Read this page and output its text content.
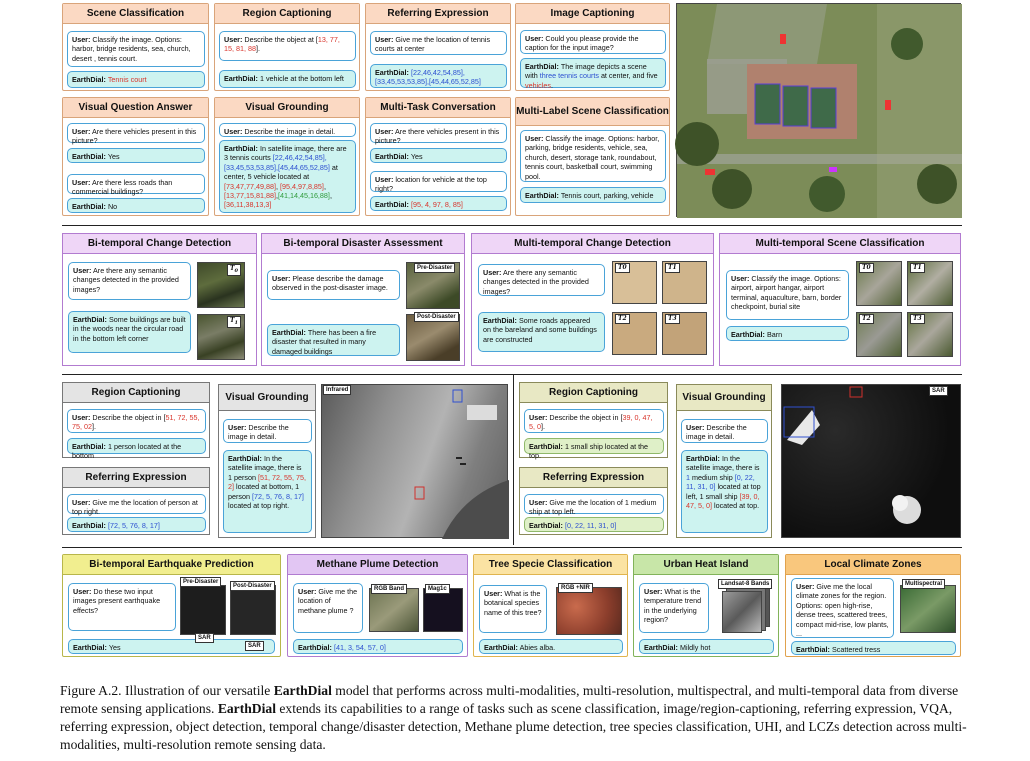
Scene Classification
User: Classify the image. Options: harbor, bridge residents, sea, church, desert , tennis court.
EarthDial: Tennis court
Region Captioning
User: Describe the object at [13, 77, 15, 81, 88].
EarthDial: 1 vehicle at the bottom left
Referring Expression
User: Give me the location of tennis courts at center
EarthDial: [22,46,42,54,85], [33,45,53,53,85],[45,44,65,52,85]
Image Captioning
User: Could you please provide the caption for the input image?
EarthDial: The image depicts a scene with three tennis courts at center, and five vehicles.
Visual Question Answer
User: Are there vehicles present in this picture?
EarthDial: Yes
User: Are there less roads than commercial buildings?
EarthDial: No
Visual Grounding
User: Describe the image in detail.
EarthDial: In satellite image, there are 3 tennis courts [22,46,42,54,85],[33,45,53,53,85],[45,44,65,52,85] at center, 5 vehicle located at [73,47,77,49,88], [95,4,97,8,85],[13,77,15,81,88],[41,14,45,16,88],[36,11,38,13,3]
Multi-Task Conversation
User: Are there vehicles present in this picture?
EarthDial: Yes
User: location for vehicle at the top right?
EarthDial: [95, 4, 97, 8, 85]
Multi-Label Scene Classification
User: Classify the image. Options: harbor, parking, bridge residents, vehicle, sea, church, desert, storage tank, roundabout, tennis court, basketball court, swimming pool.
EarthDial: Tennis court, parking, vehicle
Bi-temporal Change Detection
User: Are there any semantic changes detected in the provided images?
EarthDial: Some buildings are built in the woods near the circular road in the bottom left corner
$T_0$
$T_1$
Bi-temporal Disaster Assessment
User: Please describe the damage observed in the post-disaster image.
EarthDial: There has been a fire disaster that resulted in many damaged buildings
Pre-Disaster
Post-Disaster
Multi-temporal Change Detection
User: Are there any semantic changes detected in the provided images?
EarthDial: Some roads appeared on the bareland and some buildings are constructed
T0	T1
T2	T3
Multi-temporal Scene Classification
User: Classify the image. Options: airport, airport hangar, airport terminal, aquaculture, barn, border checkpoint, burial site
EarthDial: Barn
T0	T1
T2	T3
Region Captioning
User: Describe the object in [51, 72, 55, 75, 02].
EarthDial: 1 person located at the bottom
Referring Expression
User: Give me the location of person at top right.
EarthDial: [72, 5, 76, 8, 17]
Visual Grounding
User: Describe the image in detail.
EarthDial: In the satellite image, there is 1 person [51, 72, 55, 75, 2] located at bottom, 1 person [72, 5, 76, 8, 17] located at top right.
Infrared	Region Captioning
User: Describe the object in [39, 0, 47, 5, 0].
EarthDial: 1 small ship located at the top.
Referring Expression
User: Give me the location of 1 medium ship at top left.
EarthDial: [0, 22, 11, 31, 0]
Visual Grounding
User: Describe the image in detail.
EarthDial: In the satellite image, there is 1 medium ship [0, 22, 11, 31, 0] located at top left, 1 small ship [39, 0, 47, 5, 0] located at top.
SAR
Bi-temporal Earthquake Prediction
User: Do these two input images present earthquake effects?
EarthDial: Yes
Pre-Disaster
Post-Disaster
SAR
SAR
Methane Plume Detection
User: Give me the location of methane plume ?
EarthDial: [41, 3, 54, 57, 0]
RGB Band	Mag1c
Tree Specie Classification
User: What is the botanical species name of this tree?
EarthDial: Abies alba.
RGB +NIR
Urban Heat Island
User: What is the temperature trend in the underlying region?
EarthDial: Mildly hot
Landsat-8 Bands
Local Climate Zones
User: Give me the local climate zones for the region. Options: open high-rise, dense trees, scattered trees, compact mid-rise, low plants, ...
EarthDial: Scattered tress
Multispectral
Figure A.2. Illustration of our versatile EarthDial model that performs across multi-modalities, multi-resolution, multispectral, and multi-temporal data from diverse remote sensing applications. EarthDial extends its capabilities to a range of tasks such as scene classification, image/region-captioning, referring expression, VQA, referring expression, object detection, temporal change/disaster detection, Methane plume detection, tree species classification, UHI, and LCZs detection across multi-modalities, multi-resolution remote sensing data.
